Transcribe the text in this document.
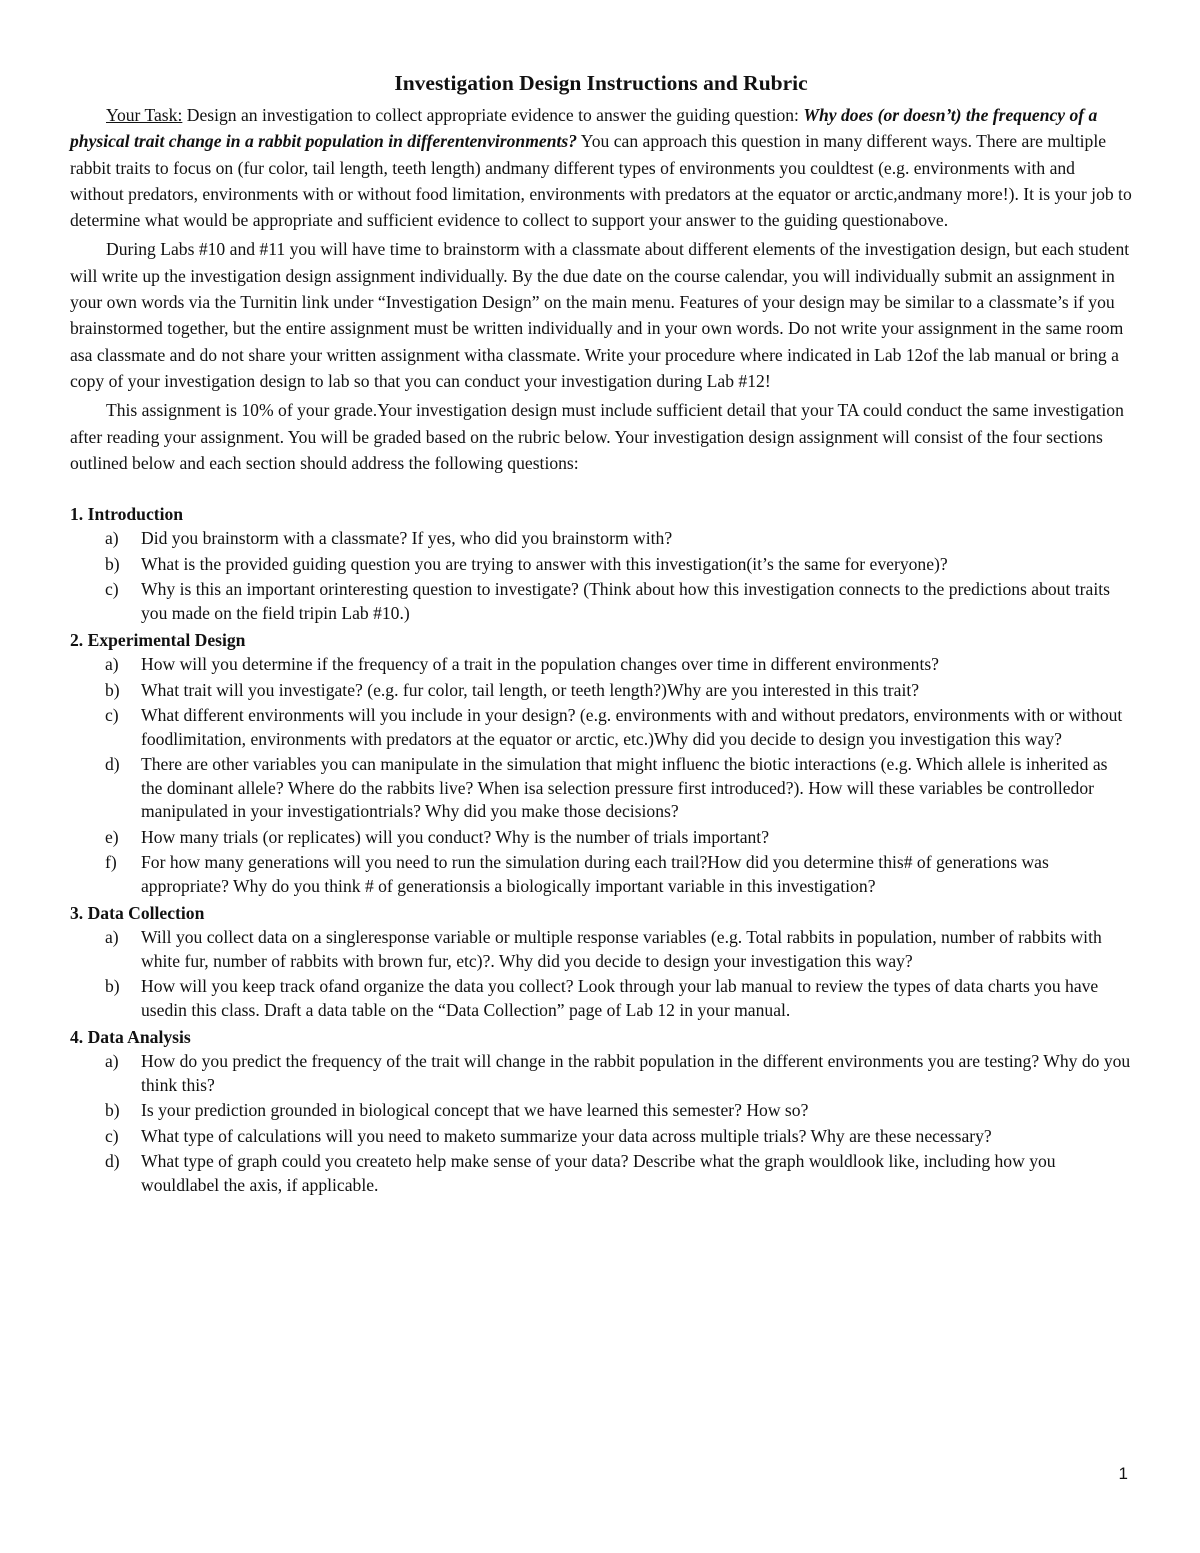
Investigation Design Instructions and Rubric

Your Task: Design an investigation to collect appropriate evidence to answer the guiding question: Why does (or doesn’t) the frequency of a physical trait change in a rabbit population in differentenvironments? You can approach this question in many different ways. There are multiple rabbit traits to focus on (fur color, tail length, teeth length) andmany different types of environments you couldtest (e.g. environments with and without predators, environments with or without food limitation, environments with predators at the equator or arctic,andmany more!). It is your job to determine what would be appropriate and sufficient evidence to collect to support your answer to the guiding questionabove.

During Labs #10 and #11 you will have time to brainstorm with a classmate about different elements of the investigation design, but each student will write up the investigation design assignment individually. By the due date on the course calendar, you will individually submit an assignment in your own words via the Turnitin link under “Investigation Design” on the main menu. Features of your design may be similar to a classmate’s if you brainstormed together, but the entire assignment must be written individually and in your own words. Do not write your assignment in the same room asa classmate and do not share your written assignment witha classmate. Write your procedure where indicated in Lab 12of the lab manual or bring a copy of your investigation design to lab so that you can conduct your investigation during Lab #12!

This assignment is 10% of your grade.Your investigation design must include sufficient detail that your TA could conduct the same investigation after reading your assignment. You will be graded based on the rubric below. Your investigation design assignment will consist of the four sections outlined below and each section should address the following questions:

1. Introduction

a) Did you brainstorm with a classmate? If yes, who did you brainstorm with?
b) What is the provided guiding question you are trying to answer with this investigation(it’s the same for everyone)?
c) Why is this an important orinteresting question to investigate? (Think about how this investigation connects to the predictions about traits you made on the field tripin Lab #10.)

2. Experimental Design

a) How will you determine if the frequency of a trait in the population changes over time in different environments?
b) What trait will you investigate? (e.g. fur color, tail length, or teeth length?)Why are you interested in this trait?
c) What different environments will you include in your design? (e.g. environments with and without predators, environments with or without foodlimitation, environments with predators at the equator or arctic, etc.)Why did you decide to design you investigation this way?
d) There are other variables you can manipulate in the simulation that might influenc the biotic interactions (e.g. Which allele is inherited as the dominant allele? Where do the rabbits live? When isa selection pressure first introduced?). How will these variables be controlledor manipulated in your investigationtrials? Why did you make those decisions?
e) How many trials (or replicates) will you conduct? Why is the number of trials important?
f) For how many generations will you need to run the simulation during each trail?How did you determine this# of generations was appropriate? Why do you think # of generationsis a biologically important variable in this investigation?

3. Data Collection

a) Will you collect data on a singleresponse variable or multiple response variables (e.g. Total rabbits in population, number of rabbits with white fur, number of rabbits with brown fur, etc)?. Why did you decide to design your investigation this way?
b) How will you keep track ofand organize the data you collect? Look through your lab manual to review the types of data charts you have usedin this class. Draft a data table on the “Data Collection” page of Lab 12 in your manual.

4. Data Analysis

a) How do you predict the frequency of the trait will change in the rabbit population in the different environments you are testing? Why do you think this?
b) Is your prediction grounded in biological concept that we have learned this semester? How so?
c) What type of calculations will you need to maketo summarize your data across multiple trials? Why are these necessary?
d) What type of graph could you createto help make sense of your data? Describe what the graph wouldlook like, including how you wouldlabel the axis, if applicable.
1
